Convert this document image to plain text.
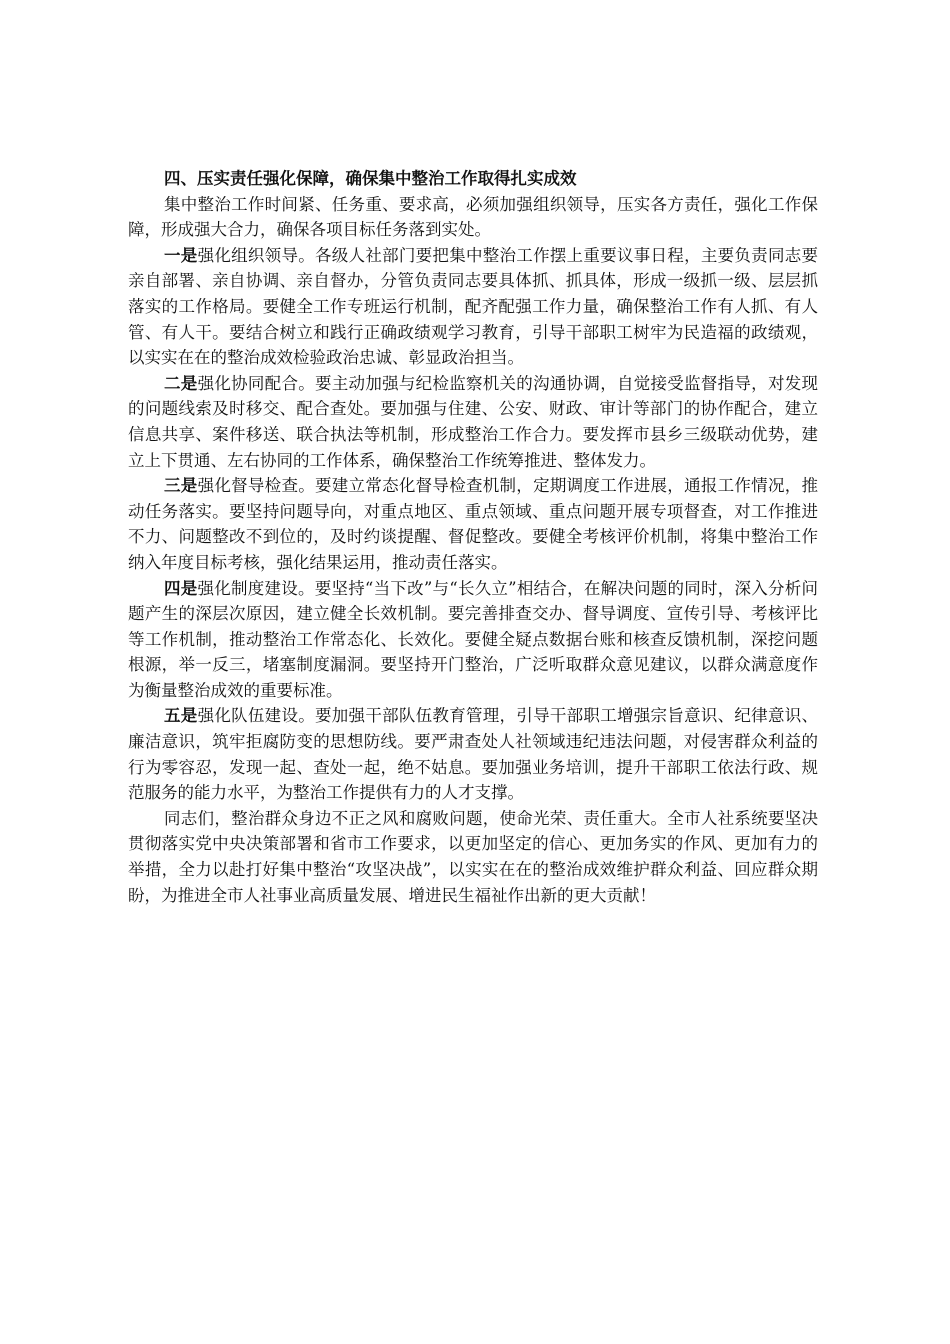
四、压实责任强化保障，确保集中整治工作取得扎实成效

集中整治工作时间紧、任务重、要求高，必须加强组织领导，压实各方责任，强化工作保障，形成强大合力，确保各项目标任务落到实处。

一是强化组织领导。各级人社部门要把集中整治工作摆上重要议事日程，主要负责同志要亲自部署、亲自协调、亲自督办，分管负责同志要具体抓、抓具体，形成一级抓一级、层层抓落实的工作格局。要健全工作专班运行机制，配齐配强工作力量，确保整治工作有人抓、有人管、有人干。要结合树立和践行正确政绩观学习教育，引导干部职工树牢为民造福的政绩观，以实实在在的整治成效检验政治忠诚、彰显政治担当。

二是强化协同配合。要主动加强与纪检监察机关的沟通协调，自觉接受监督指导，对发现的问题线索及时移交、配合查处。要加强与住建、公安、财政、审计等部门的协作配合，建立信息共享、案件移送、联合执法等机制，形成整治工作合力。要发挥市县乡三级联动优势，建立上下贯通、左右协同的工作体系，确保整治工作统筹推进、整体发力。

三是强化督导检查。要建立常态化督导检查机制，定期调度工作进展，通报工作情况，推动任务落实。要坚持问题导向，对重点地区、重点领域、重点问题开展专项督查，对工作推进不力、问题整改不到位的，及时约谈提醒、督促整改。要健全考核评价机制，将集中整治工作纳入年度目标考核，强化结果运用，推动责任落实。

四是强化制度建设。要坚持“当下改”与“长久立”相结合，在解决问题的同时，深入分析问题产生的深层次原因，建立健全长效机制。要完善排查交办、督导调度、宣传引导、考核评比等工作机制，推动整治工作常态化、长效化。要健全疑点数据台账和核查反馈机制，深挖问题根源，举一反三，堵塞制度漏洞。要坚持开门整治，广泛听取群众意见建议，以群众满意度作为衡量整治成效的重要标准。

五是强化队伍建设。要加强干部队伍教育管理，引导干部职工增强宗旨意识、纪律意识、廉洁意识，筑牢拒腐防变的思想防线。要严肃查处人社领域违纪违法问题，对侵害群众利益的行为零容忍，发现一起、查处一起，绝不姑息。要加强业务培训，提升干部职工依法行政、规范服务的能力水平，为整治工作提供有力的人才支撑。

同志们，整治群众身边不正之风和腐败问题，使命光荣、责任重大。全市人社系统要坚决贯彻落实党中央决策部署和省市工作要求，以更加坚定的信心、更加务实的作风、更加有力的举措，全力以赴打好集中整治“攻坚决战”，以实实在在的整治成效维护群众利益、回应群众期盼，为推进全市人社事业高质量发展、增进民生福祉作出新的更大贡献！
